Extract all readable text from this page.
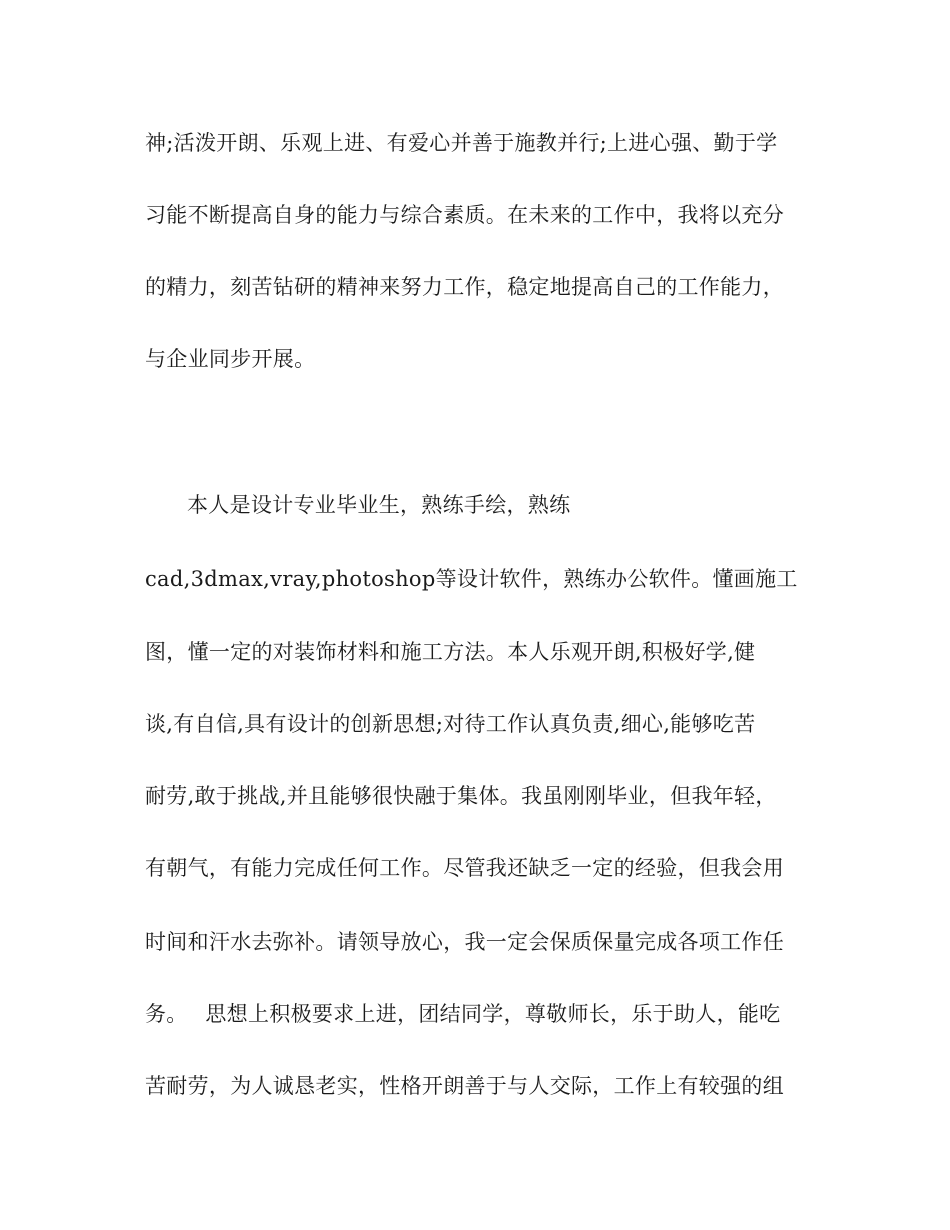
神;活泼开朗、乐观上进、有爱心并善于施教并行;上进心强、勤于学
习能不断提高自身的能力与综合素质。在未来的工作中，我将以充分
的精力，刻苦钻研的精神来努力工作，稳定地提高自己的工作能力，
与企业同步开展。
本人是设计专业毕业生，熟练手绘，熟练
cad,3dmax,vray,photoshop等设计软件，熟练办公软件。懂画施工
图，懂一定的对装饰材料和施工方法。本人乐观开朗,积极好学,健
谈,有自信,具有设计的创新思想;对待工作认真负责,细心,能够吃苦
耐劳,敢于挑战,并且能够很快融于集体。我虽刚刚毕业，但我年轻，
有朝气，有能力完成任何工作。尽管我还缺乏一定的经验，但我会用
时间和汗水去弥补。请领导放心，我一定会保质保量完成各项工作任
务。　 思想上积极要求上进，团结同学，尊敬师长，乐于助人，能吃
苦耐劳，为人诚恳老实，性格开朗善于与人交际，工作上有较强的组
